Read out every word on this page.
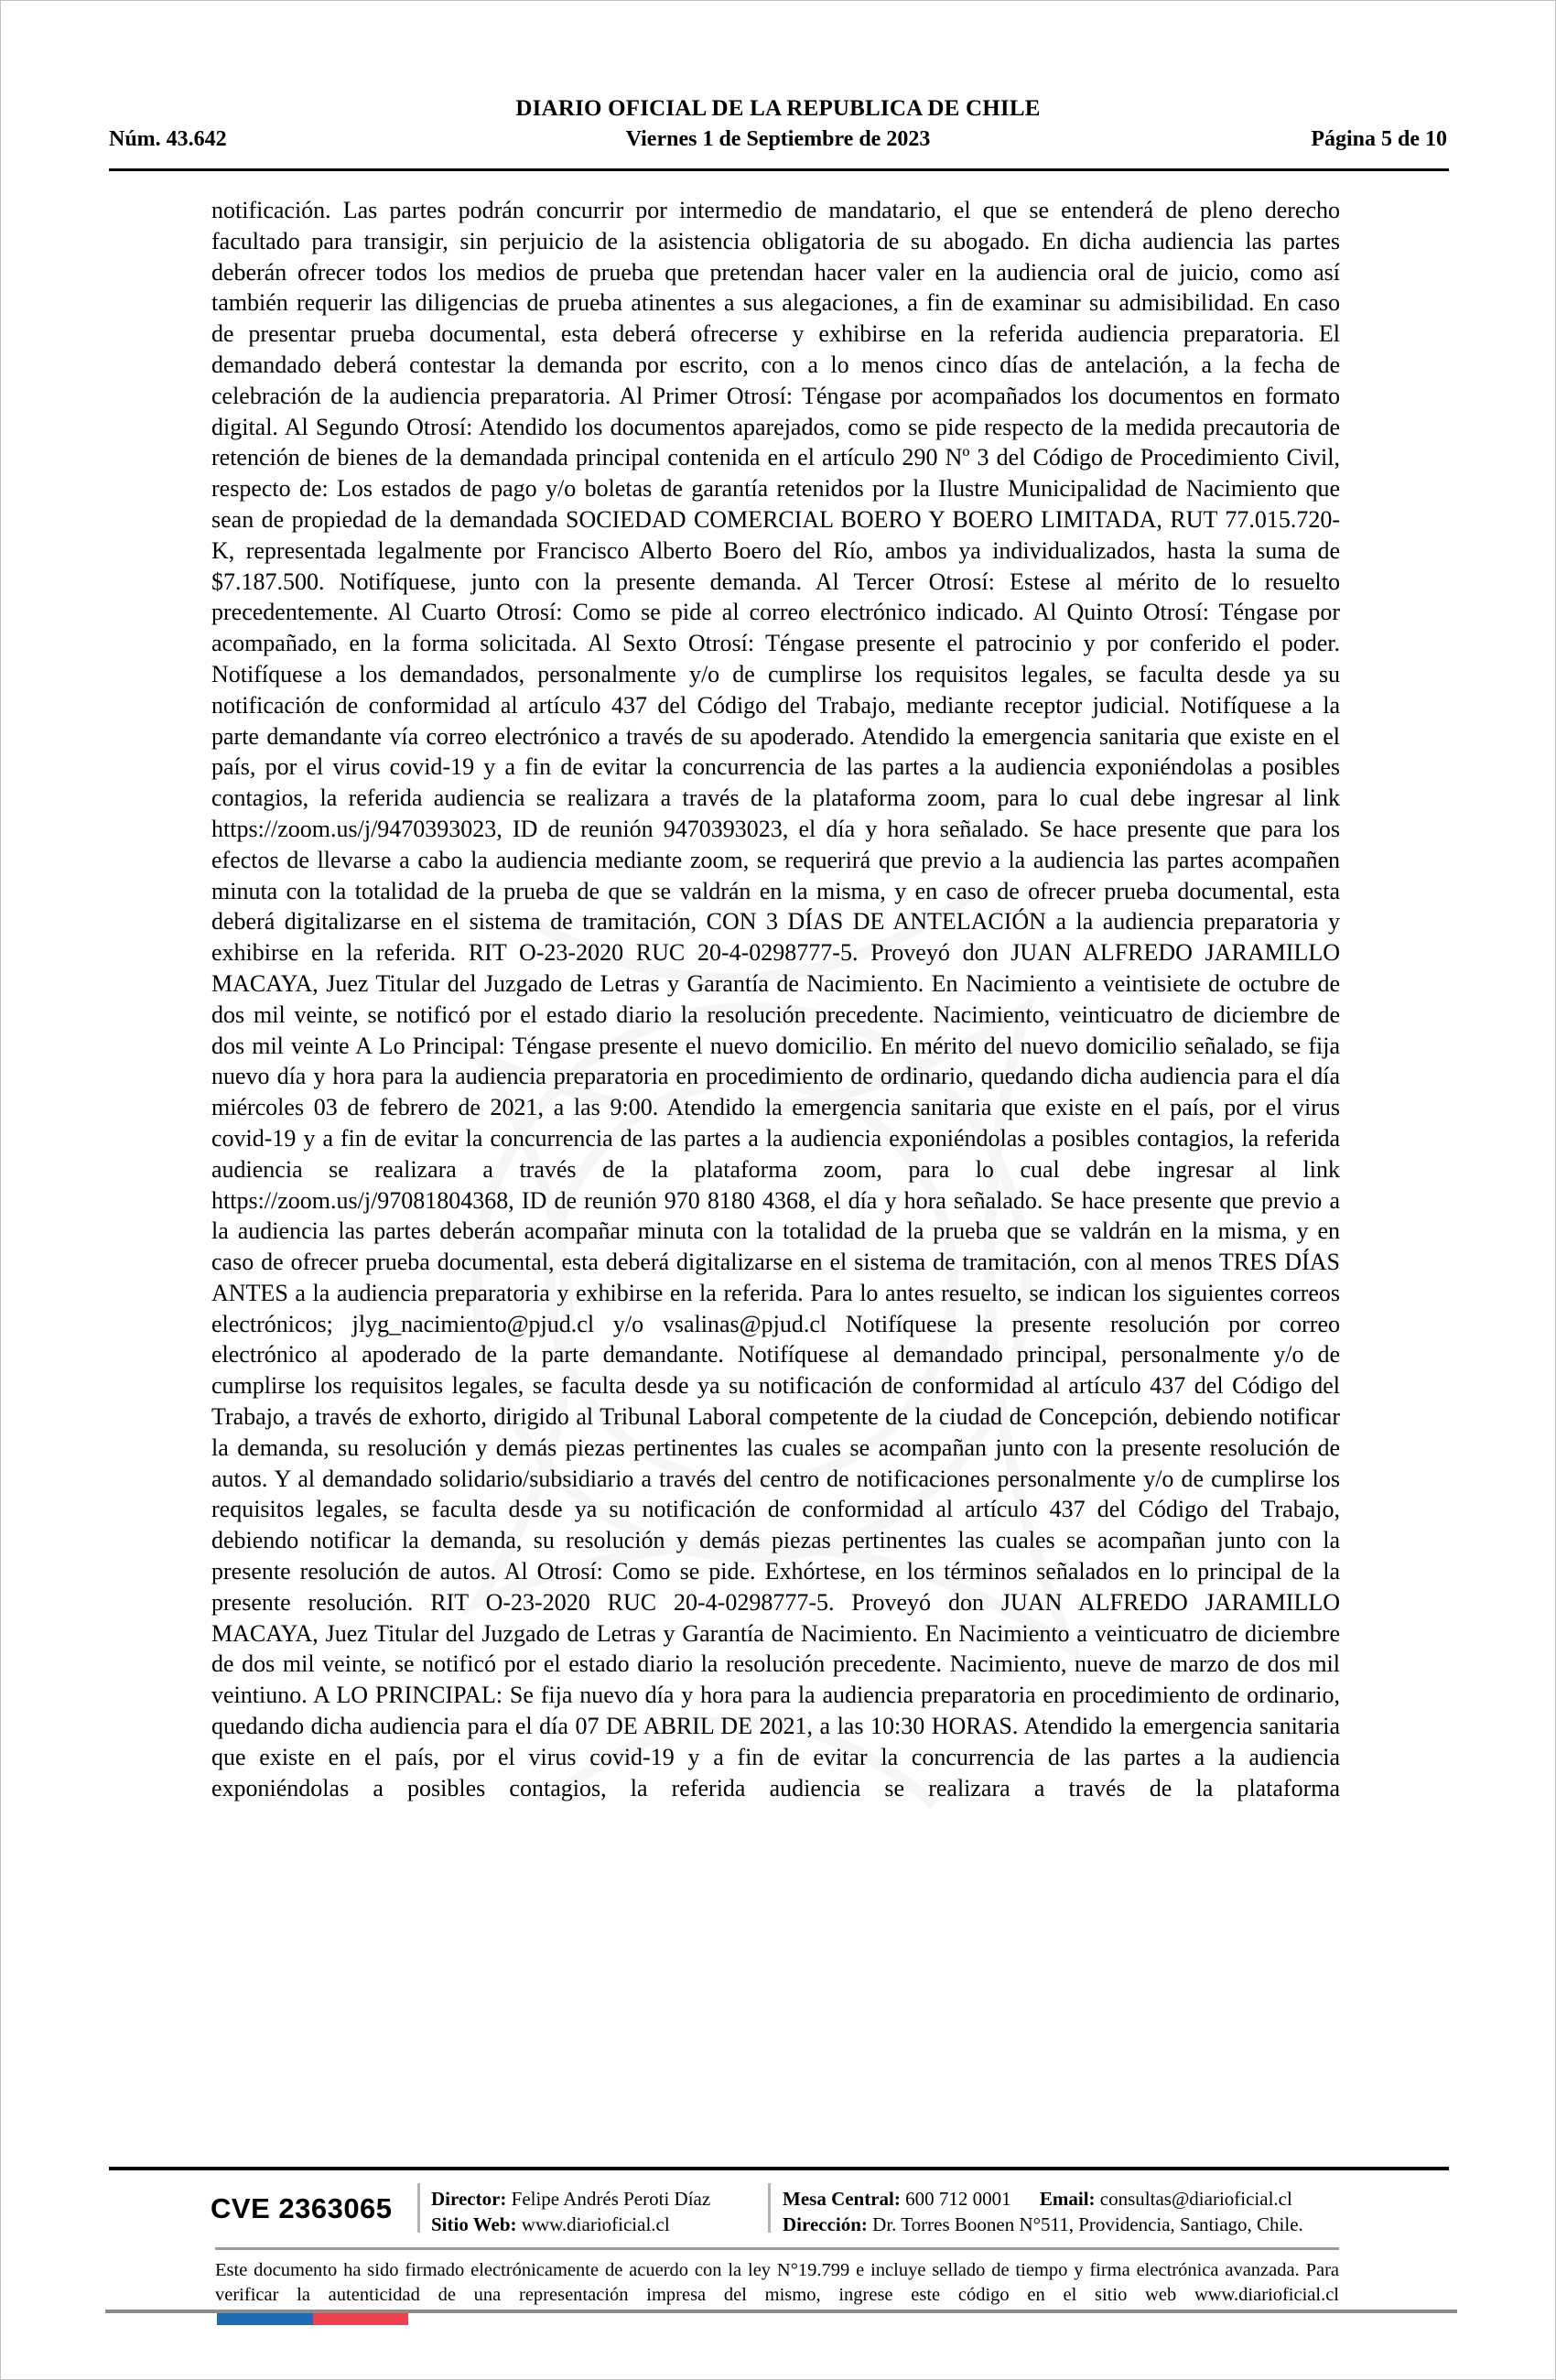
DIARIO OFICIAL DE LA REPUBLICA DE CHILE
Núm. 43.642	Viernes 1 de Septiembre de 2023	Página 5 de 10
notificación. Las partes podrán concurrir por intermedio de mandatario, el que se entenderá de pleno derecho facultado para transigir, sin perjuicio de la asistencia obligatoria de su abogado. En dicha audiencia las partes deberán ofrecer todos los medios de prueba que pretendan hacer valer en la audiencia oral de juicio, como así también requerir las diligencias de prueba atinentes a sus alegaciones, a fin de examinar su admisibilidad. En caso de presentar prueba documental, esta deberá ofrecerse y exhibirse en la referida audiencia preparatoria. El demandado deberá contestar la demanda por escrito, con a lo menos cinco días de antelación, a la fecha de celebración de la audiencia preparatoria. Al Primer Otrosí: Téngase por acompañados los documentos en formato digital. Al Segundo Otrosí: Atendido los documentos aparejados, como se pide respecto de la medida precautoria de retención de bienes de la demandada principal contenida en el artículo 290 Nº 3 del Código de Procedimiento Civil, respecto de: Los estados de pago y/o boletas de garantía retenidos por la Ilustre Municipalidad de Nacimiento que sean de propiedad de la demandada SOCIEDAD COMERCIAL BOERO Y BOERO LIMITADA, RUT 77.015.720-K, representada legalmente por Francisco Alberto Boero del Río, ambos ya individualizados, hasta la suma de $7.187.500. Notifíquese, junto con la presente demanda. Al Tercer Otrosí: Estese al mérito de lo resuelto precedentemente. Al Cuarto Otrosí: Como se pide al correo electrónico indicado. Al Quinto Otrosí: Téngase por acompañado, en la forma solicitada. Al Sexto Otrosí: Téngase presente el patrocinio y por conferido el poder. Notifíquese a los demandados, personalmente y/o de cumplirse los requisitos legales, se faculta desde ya su notificación de conformidad al artículo 437 del Código del Trabajo, mediante receptor judicial. Notifíquese a la parte demandante vía correo electrónico a través de su apoderado. Atendido la emergencia sanitaria que existe en el país, por el virus covid-19 y a fin de evitar la concurrencia de las partes a la audiencia exponiéndolas a posibles contagios, la referida audiencia se realizara a través de la plataforma zoom, para lo cual debe ingresar al link https://zoom.us/j/9470393023, ID de reunión 9470393023, el día y hora señalado. Se hace presente que para los efectos de llevarse a cabo la audiencia mediante zoom, se requerirá que previo a la audiencia las partes acompañen minuta con la totalidad de la prueba de que se valdrán en la misma, y en caso de ofrecer prueba documental, esta deberá digitalizarse en el sistema de tramitación, CON 3 DÍAS DE ANTELACIÓN a la audiencia preparatoria y exhibirse en la referida. RIT O-23-2020 RUC 20-4-0298777-5. Proveyó don JUAN ALFREDO JARAMILLO MACAYA, Juez Titular del Juzgado de Letras y Garantía de Nacimiento. En Nacimiento a veintisiete de octubre de dos mil veinte, se notificó por el estado diario la resolución precedente. Nacimiento, veinticuatro de diciembre de dos mil veinte A Lo Principal: Téngase presente el nuevo domicilio. En mérito del nuevo domicilio señalado, se fija nuevo día y hora para la audiencia preparatoria en procedimiento de ordinario, quedando dicha audiencia para el día miércoles 03 de febrero de 2021, a las 9:00. Atendido la emergencia sanitaria que existe en el país, por el virus covid-19 y a fin de evitar la concurrencia de las partes a la audiencia exponiéndolas a posibles contagios, la referida audiencia se realizara a través de la plataforma zoom, para lo cual debe ingresar al link https://zoom.us/j/97081804368, ID de reunión 970 8180 4368, el día y hora señalado. Se hace presente que previo a la audiencia las partes deberán acompañar minuta con la totalidad de la prueba que se valdrán en la misma, y en caso de ofrecer prueba documental, esta deberá digitalizarse en el sistema de tramitación, con al menos TRES DÍAS ANTES a la audiencia preparatoria y exhibirse en la referida. Para lo antes resuelto, se indican los siguientes correos electrónicos; jlyg_nacimiento@pjud.cl y/o vsalinas@pjud.cl Notifíquese la presente resolución por correo electrónico al apoderado de la parte demandante. Notifíquese al demandado principal, personalmente y/o de cumplirse los requisitos legales, se faculta desde ya su notificación de conformidad al artículo 437 del Código del Trabajo, a través de exhorto, dirigido al Tribunal Laboral competente de la ciudad de Concepción, debiendo notificar la demanda, su resolución y demás piezas pertinentes las cuales se acompañan junto con la presente resolución de autos. Y al demandado solidario/subsidiario a través del centro de notificaciones personalmente y/o de cumplirse los requisitos legales, se faculta desde ya su notificación de conformidad al artículo 437 del Código del Trabajo, debiendo notificar la demanda, su resolución y demás piezas pertinentes las cuales se acompañan junto con la presente resolución de autos. Al Otrosí: Como se pide. Exhórtese, en los términos señalados en lo principal de la presente resolución. RIT O-23-2020 RUC 20-4-0298777-5. Proveyó don JUAN ALFREDO JARAMILLO MACAYA, Juez Titular del Juzgado de Letras y Garantía de Nacimiento. En Nacimiento a veinticuatro de diciembre de dos mil veinte, se notificó por el estado diario la resolución precedente. Nacimiento, nueve de marzo de dos mil veintiuno. A LO PRINCIPAL: Se fija nuevo día y hora para la audiencia preparatoria en procedimiento de ordinario, quedando dicha audiencia para el día 07 DE ABRIL DE 2021, a las 10:30 HORAS. Atendido la emergencia sanitaria que existe en el país, por el virus covid-19 y a fin de evitar la concurrencia de las partes a la audiencia exponiéndolas a posibles contagios, la referida audiencia se realizara a través de la plataforma
CVE 2363065 Director: Felipe Andrés Peroti Díaz
Sitio Web: www.diarioficial.cl
Mesa Central: 600 712 0001 Email: consultas@diarioficial.cl
Dirección: Dr. Torres Boonen N°511, Providencia, Santiago, Chile.
Este documento ha sido firmado electrónicamente de acuerdo con la ley N°19.799 e incluye sellado de tiempo y firma electrónica avanzada. Para verificar la autenticidad de una representación impresa del mismo, ingrese este código en el sitio web www.diarioficial.cl
